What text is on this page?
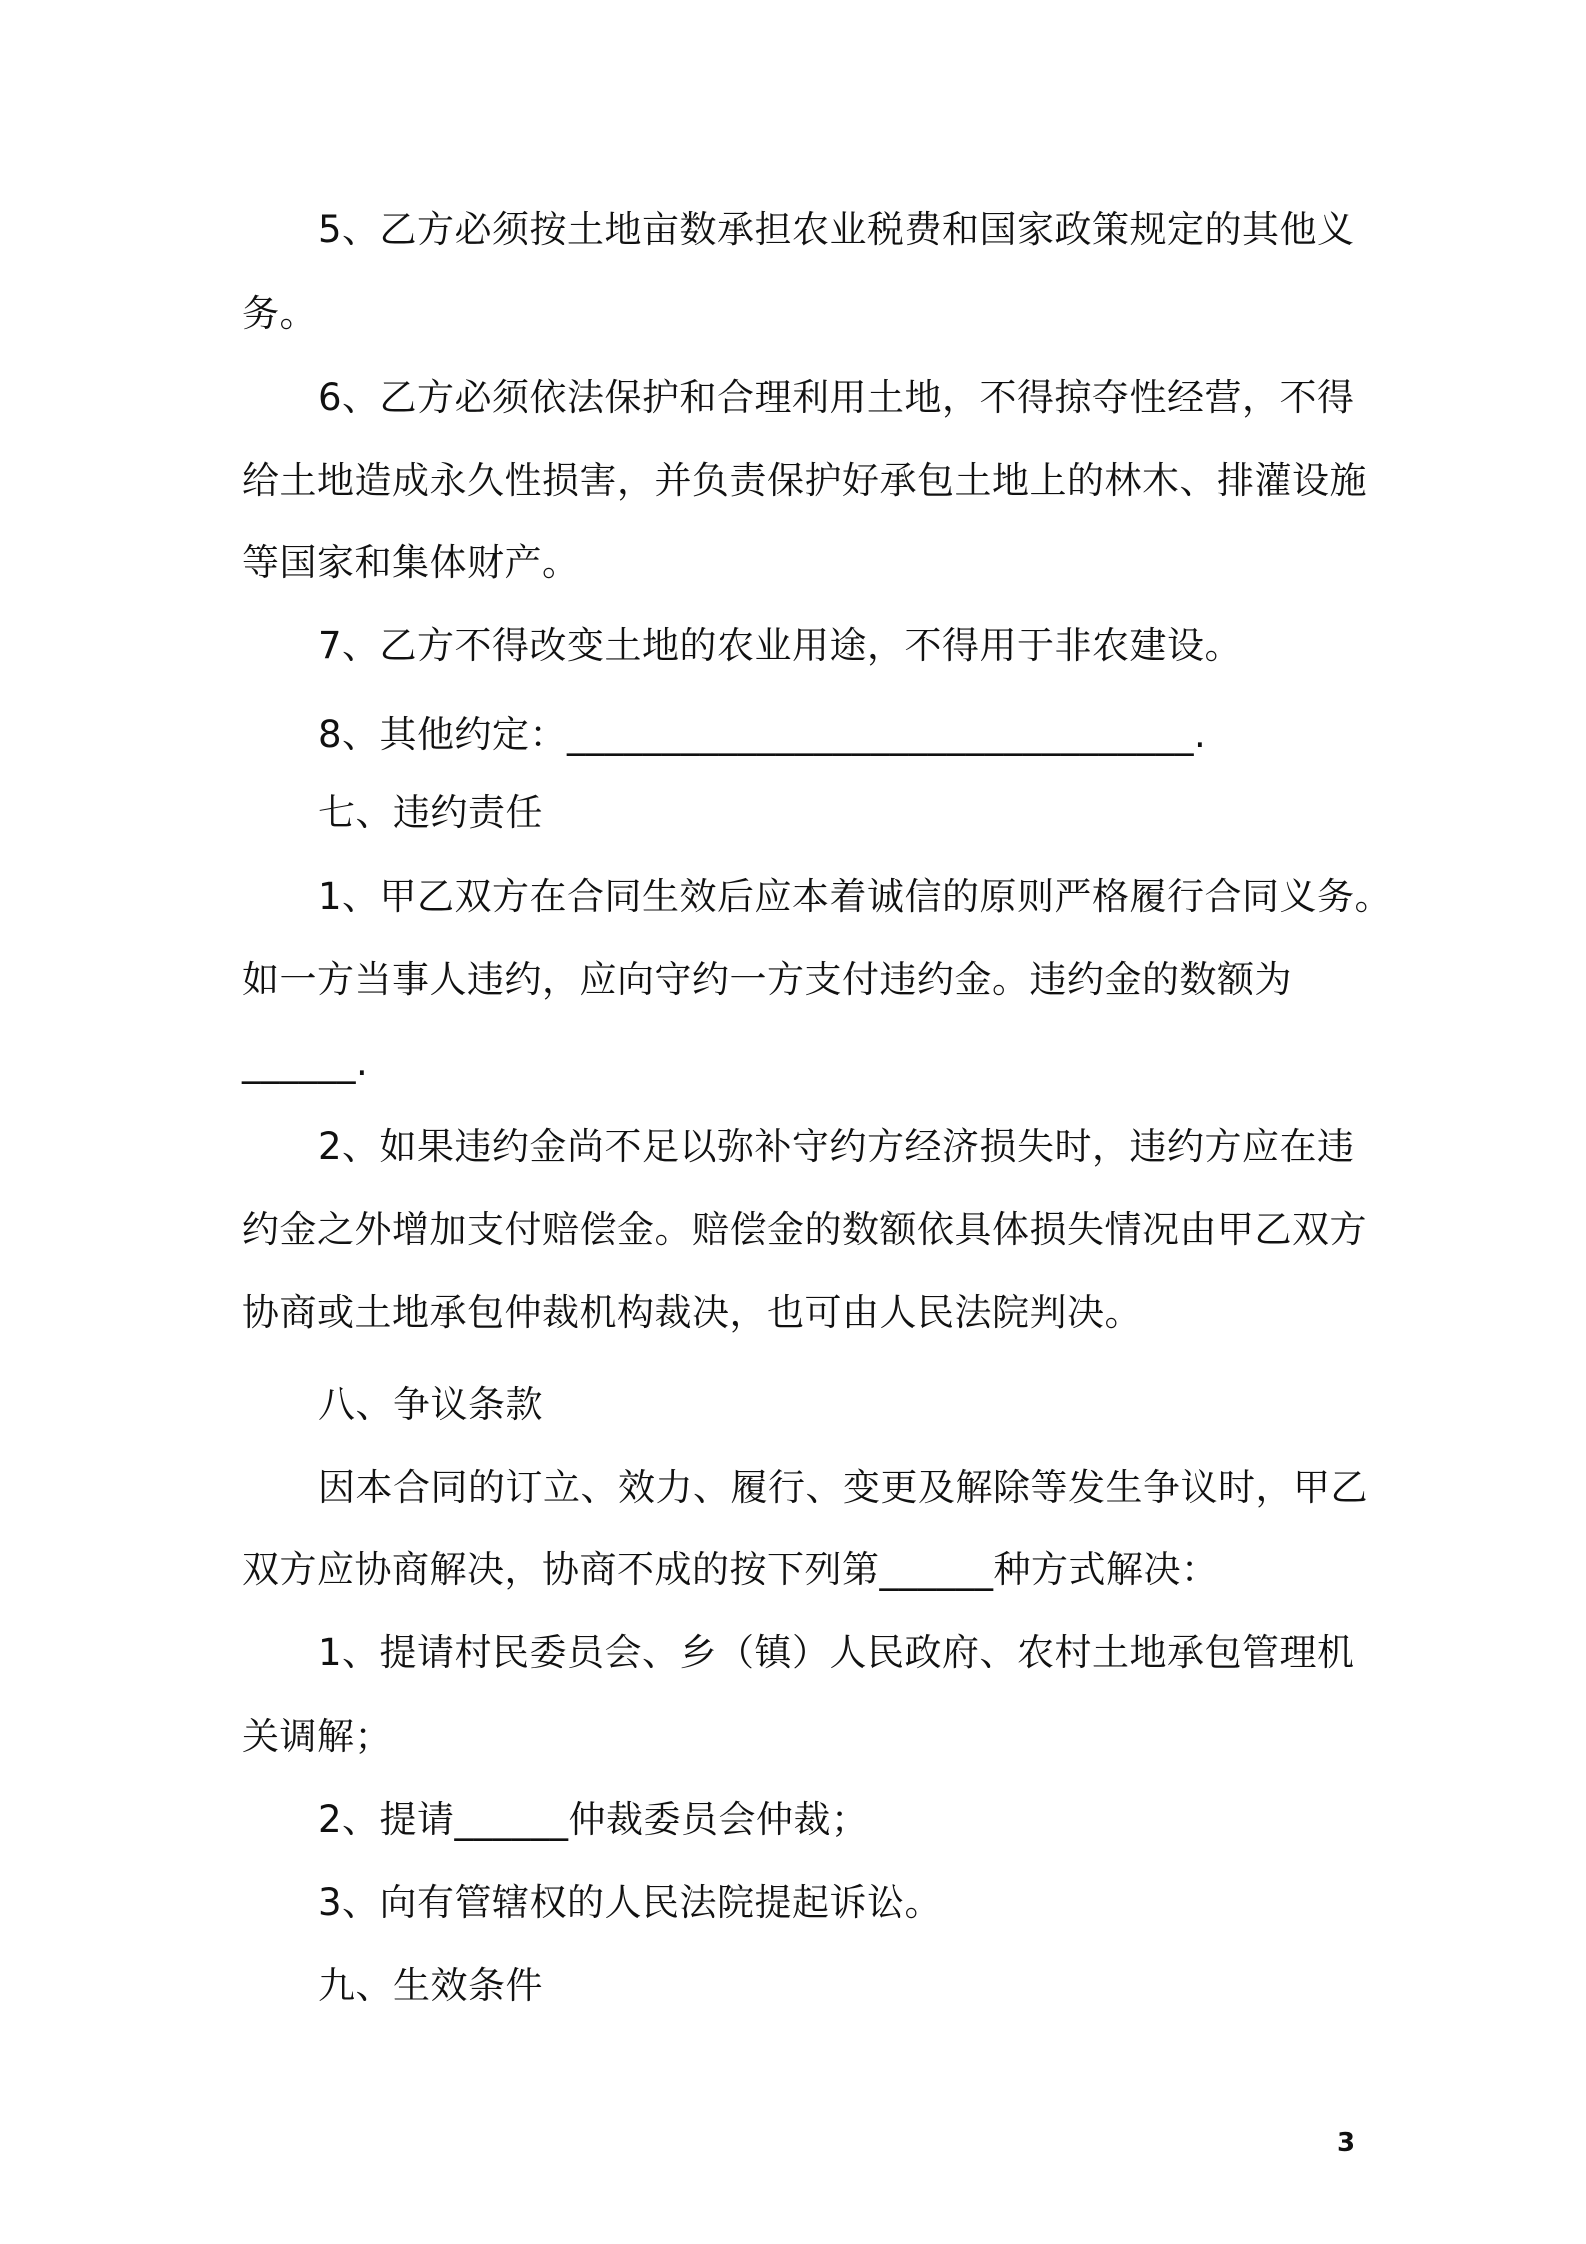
5、乙方必须按土地亩数承担农业税费和国家政策规定的其他义
务。
6、乙方必须依法保护和合理利用土地，不得掠夺性经营，不得
给土地造成永久性损害，并负责保护好承包土地上的林木、排灌设施
等国家和集体财产。
7、乙方不得改变土地的农业用途，不得用于非农建设。
8、其他约定：_________________________________.
七、违约责任
1、甲乙双方在合同生效后应本着诚信的原则严格履行合同义务。
如一方当事人违约，应向守约一方支付违约金。违约金的数额为
______.
2、如果违约金尚不足以弥补守约方经济损失时，违约方应在违
约金之外增加支付赔偿金。赔偿金的数额依具体损失情况由甲乙双方
协商或土地承包仲裁机构裁决，也可由人民法院判决。
八、争议条款
因本合同的订立、效力、履行、变更及解除等发生争议时，甲乙
双方应协商解决，协商不成的按下列第______种方式解决：
1、提请村民委员会、乡（镇）人民政府、农村土地承包管理机
关调解；
2、提请______仲裁委员会仲裁；
3、向有管辖权的人民法院提起诉讼。
九、生效条件
3
